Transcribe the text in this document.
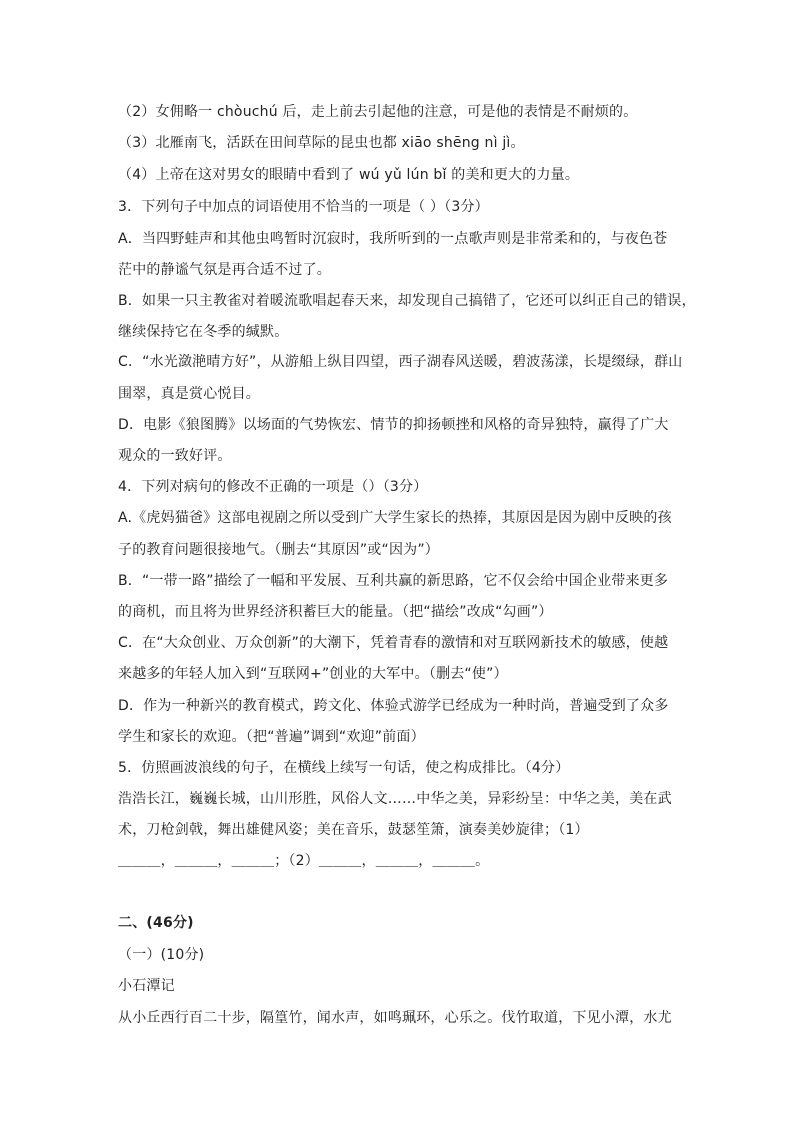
（2）女佣略一 chòuchú 后，走上前去引起他的注意，可是他的表情是不耐烦的。
（3）北雁南飞，活跃在田间草际的昆虫也都 xiāo shēng nì jì。
（4）上帝在这对男女的眼睛中看到了 wú yǔ lún bǐ 的美和更大的力量。
3．下列句子中加点的词语使用不恰当的一项是（ ）（3分）
A．当四野蛙声和其他虫鸣暂时沉寂时，我所听到的一点歌声则是非常柔和的，与夜色苍
茫中的静谧气氛是再合适不过了。
B．如果一只主教雀对着暖流歌唱起春天来，却发现自己搞错了，它还可以纠正自己的错误，
继续保持它在冬季的缄默。
C．“水光潋滟晴方好”，从游船上纵目四望，西子湖春风送暖，碧波荡漾，长堤缀绿，群山
围翠，真是赏心悦目。
D．电影《狼图腾》以场面的气势恢宏、情节的抑扬顿挫和风格的奇异独特，赢得了广大
观众的一致好评。
4．下列对病句的修改不正确的一项是（）（3分）
A.《虎妈猫爸》这部电视剧之所以受到广大学生家长的热捧，其原因是因为剧中反映的孩
子的教育问题很接地气。（删去“其原因”或“因为”）
B．“一带一路”描绘了一幅和平发展、互利共赢的新思路，它不仅会给中国企业带来更多
的商机，而且将为世界经济积蓄巨大的能量。（把“描绘”改成“勾画”）
C．在“大众创业、万众创新”的大潮下，凭着青春的激情和对互联网新技术的敏感，使越
来越多的年轻人加入到“互联网+”创业的大军中。（删去“使”）
D．作为一种新兴的教育模式，跨文化、体验式游学已经成为一种时尚，普遍受到了众多
学生和家长的欢迎。（把“普遍”调到“欢迎”前面）
5．仿照画波浪线的句子，在横线上续写一句话，使之构成排比。（4分）
浩浩长江，巍巍长城，山川形胜，风俗人文……中华之美，异彩纷呈：中华之美，美在武
术，刀枪剑戟，舞出雄健风姿；美在音乐，鼓瑟笙箫，演奏美妙旋律；（1）
＿＿＿，＿＿＿，＿＿＿；（2）＿＿＿，＿＿＿，＿＿＿。
二、(46分)
（一）(10分)
小石潭记
从小丘西行百二十步，隔篁竹，闻水声，如鸣珮环，心乐之。伐竹取道，下见小潭，水尤
